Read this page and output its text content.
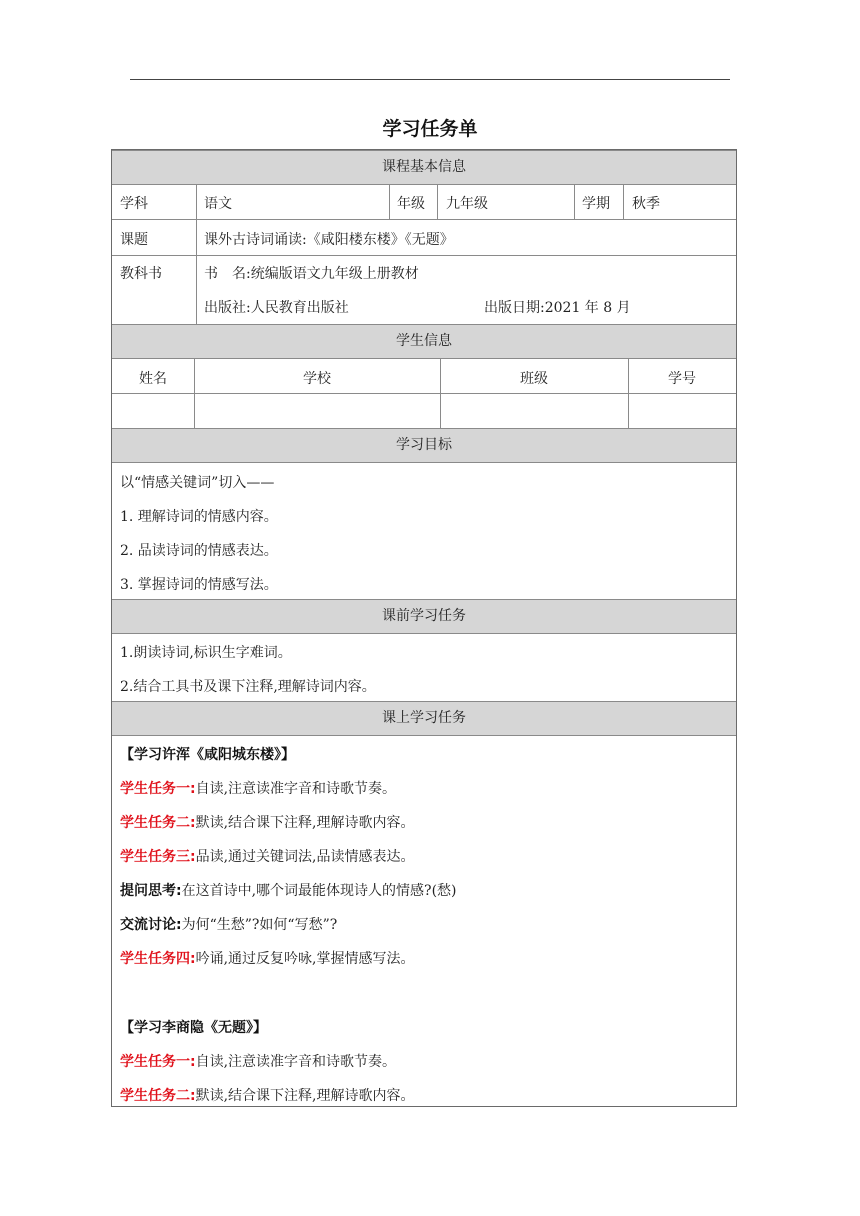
学习任务单
课程基本信息
学科	语文	年级 九年级	学期 秋季
课题	课外古诗词诵读:《咸阳楼东楼》《无题》
教科书	书　名:统编版语文九年级上册教材
出版社:人民教育出版社	出版日期:2021 年 8 月
学生信息
姓名	学校	班级	学号
学习目标
以“情感关键词”切入——
1. 理解诗词的情感内容。
2. 品读诗词的情感表达。
3. 掌握诗词的情感写法。
课前学习任务
1.朗读诗词,标识生字难词。
2.结合工具书及课下注释,理解诗词内容。
课上学习任务
【学习许浑《咸阳城东楼》】
学生任务一:自读,注意读准字音和诗歌节奏。
学生任务二:默读,结合课下注释,理解诗歌内容。
学生任务三:品读,通过关键词法,品读情感表达。
提问思考:在这首诗中,哪个词最能体现诗人的情感?(愁)
交流讨论:为何“生愁”?如何“写愁”?
学生任务四:吟诵,通过反复吟咏,掌握情感写法。
【学习李商隐《无题》】
学生任务一:自读,注意读准字音和诗歌节奏。
学生任务二:默读,结合课下注释,理解诗歌内容。
